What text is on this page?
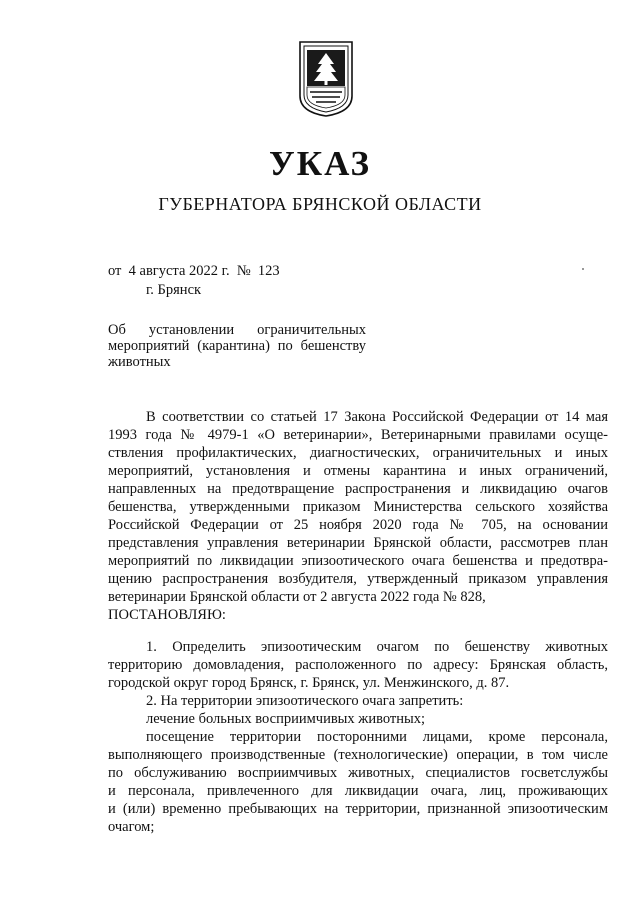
УКАЗ
ГУБЕРНАТОРА БРЯНСКОЙ ОБЛАСТИ
от  4 августа 2022 г.  №  123
г. Брянск
Об установлении ограничительных
мероприятий (карантина) по бешенству
животных
В соответствии со статьей 17 Закона Российской Федерации от 14 мая
1993 года № 4979-1 «О ветеринарии», Ветеринарными правилами осуще-
ствления профилактических, диагностических, ограничительных и иных
мероприятий, установления и отмены карантина и иных ограничений,
направленных на предотвращение распространения и ликвидацию очагов
бешенства, утвержденными приказом Министерства сельского хозяйства
Российской Федерации от 25 ноября 2020 года № 705, на основании
представления управления ветеринарии Брянской области, рассмотрев план
мероприятий по ликвидации эпизоотического очага бешенства и предотвра-
щению распространения возбудителя, утвержденный приказом управления
ветеринарии Брянской области от 2 августа 2022 года № 828,
ПОСТАНОВЛЯЮ:
1. Определить эпизоотическим очагом по бешенству животных
территорию домовладения, расположенного по адресу: Брянская область,
городской округ город Брянск, г. Брянск, ул. Менжинского, д. 87.
2. На территории эпизоотического очага запретить:
лечение больных восприимчивых животных;
посещение территории посторонними лицами, кроме персонала,
выполняющего производственные (технологические) операции, в том числе
по обслуживанию восприимчивых животных, специалистов госветслужбы
и персонала, привлеченного для ликвидации очага, лиц, проживающих
и (или) временно пребывающих на территории, признанной эпизоотическим
очагом;
